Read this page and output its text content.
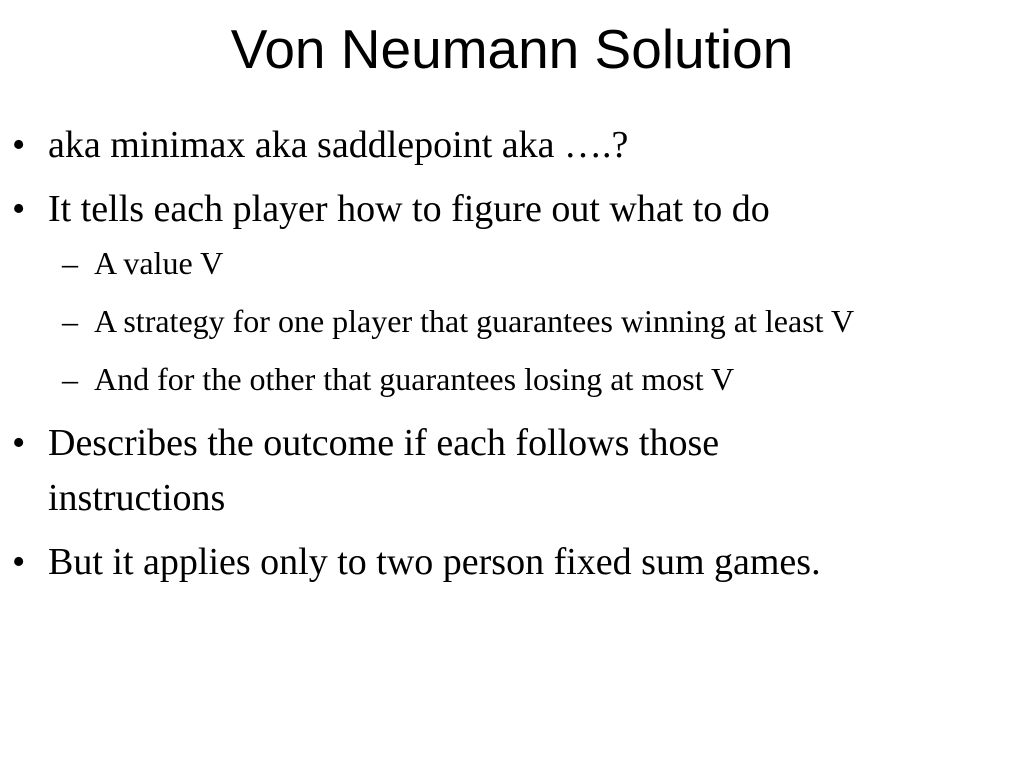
Von Neumann Solution

• aka minimax aka saddlepoint aka ….?

• It tells each player how to figure out what to do

– A value V

– A strategy for one player that guarantees winning at least V

– And for the other that guarantees losing at most V

• Describes the outcome if each follows those instructions

• But it applies only to two person fixed sum games.
